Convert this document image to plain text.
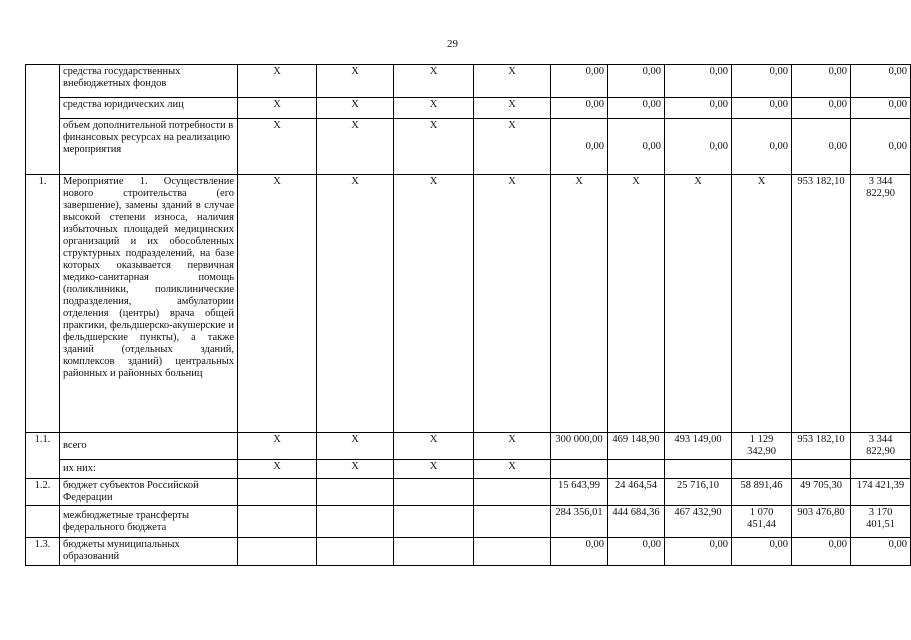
29
	средства государственных внебюджетных фондов	X	X	X	X	0,00	0,00	0,00	0,00	0,00	0,00
	средства юридических лиц	X	X	X	X	0,00	0,00	0,00	0,00	0,00	0,00
	объем дополнительной потребности в финансовых ресурсах на реализацию мероприятия	X	X	X	X	0,00	0,00	0,00	0,00	0,00	0,00
1.	Мероприятие 1. Осуществление нового строительства (его завершение), замены зданий в случае высокой степени износа, наличия избыточных площадей медицинских организаций и их обособленных структурных подразделений, на базе которых оказывается первичная медико-санитарная помощь (поликлиники, поликлинические подразделения, амбулатории отделения (центры) врача общей практики, фельдшерско-акушерские и фельдшерские пункты), а также зданий (отдельных зданий, комплексов зданий) центральных районных и районных больниц	X	X	X	X	X	X	X	X	953 182,10	3 344 822,90
1.1.	всего	X	X	X	X	300 000,00	469 148,90	493 149,00	1 129 342,90	953 182,10	3 344 822,90
	их них:	X	X	X	X						
1.2.	бюджет субъектов Российской Федерации					15 643,99	24 464,54	25 716,10	58 891,46	49 705,30	174 421,39
	межбюджетные трансферты федерального бюджета					284 356,01	444 684,36	467 432,90	1 070 451,44	903 476,80	3 170 401,51
1.3.	бюджеты муниципальных образований					0,00	0,00	0,00	0,00	0,00	0,00
